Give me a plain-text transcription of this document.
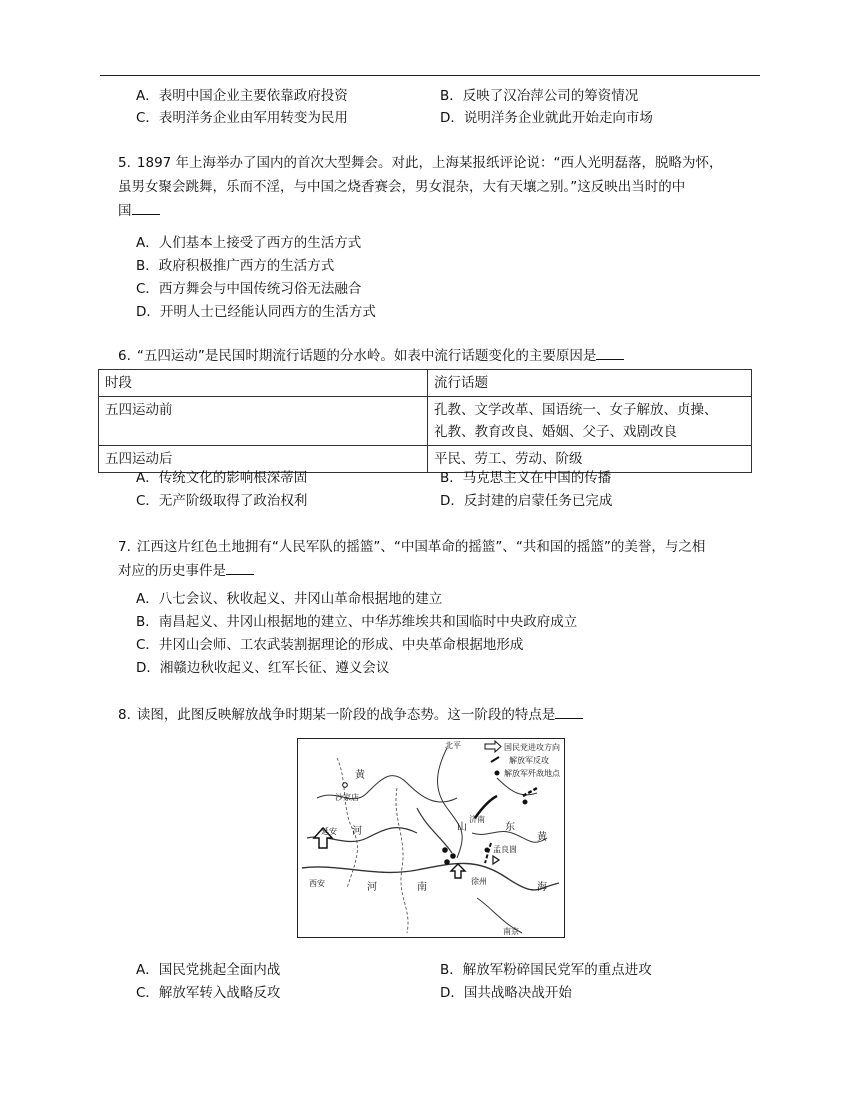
A．表明中国企业主要依靠政府投资	B．反映了汉冶萍公司的筹资情况
C．表明洋务企业由军用转变为民用	D．说明洋务企业就此开始走向市场
5. 1897 年上海举办了国内的首次大型舞会。对此，上海某报纸评论说：“西人光明磊落，脱略为怀，
虽男女聚会跳舞，乐而不淫，与中国之烧香赛会，男女混杂，大有天壤之别。”这反映出当时的中
国
A．人们基本上接受了西方的生活方式
B．政府积极推广西方的生活方式
C．西方舞会与中国传统习俗无法融合
D．开明人士已经能认同西方的生活方式
6. “五四运动”是民国时期流行话题的分水岭。如表中流行话题变化的主要原因是
时段	流行话题
五四运动前	孔教、文学改革、国语统一、女子解放、贞操、
礼教、教育改良、婚姻、父子、戏剧改良

五四运动后	平民、劳工、劳动、阶级
A．传统文化的影响根深蒂固	B．马克思主义在中国的传播
C．无产阶级取得了政治权利	D．反封建的启蒙任务已完成
7. 江西这片红色土地拥有“人民军队的摇篮”、“中国革命的摇篮”、“共和国的摇篮”的美誉，与之相
对应的历史事件是
A．八七会议、秋收起义、井冈山革命根据地的建立
B．南昌起义、井冈山根据地的建立、中华苏维埃共和国临时中央政府成立
C．井冈山会师、工农武装割据理论的形成、中央革命根据地形成
D．湘赣边秋收起义、红军长征、遵义会议
8. 读图，此图反映解放战争时期某一阶段的战争态势。这一阶段的特点是
国民党进攻方向
解放军反攻
解放军歼敌地点
北平
沙家店
延安
西安
济南
孟良崮
徐州
南京
黄
河	山	东
河	南
黄
海
A．国民党挑起全面内战	B．解放军粉碎国民党军的重点进攻
C．解放军转入战略反攻	D．国共战略决战开始
